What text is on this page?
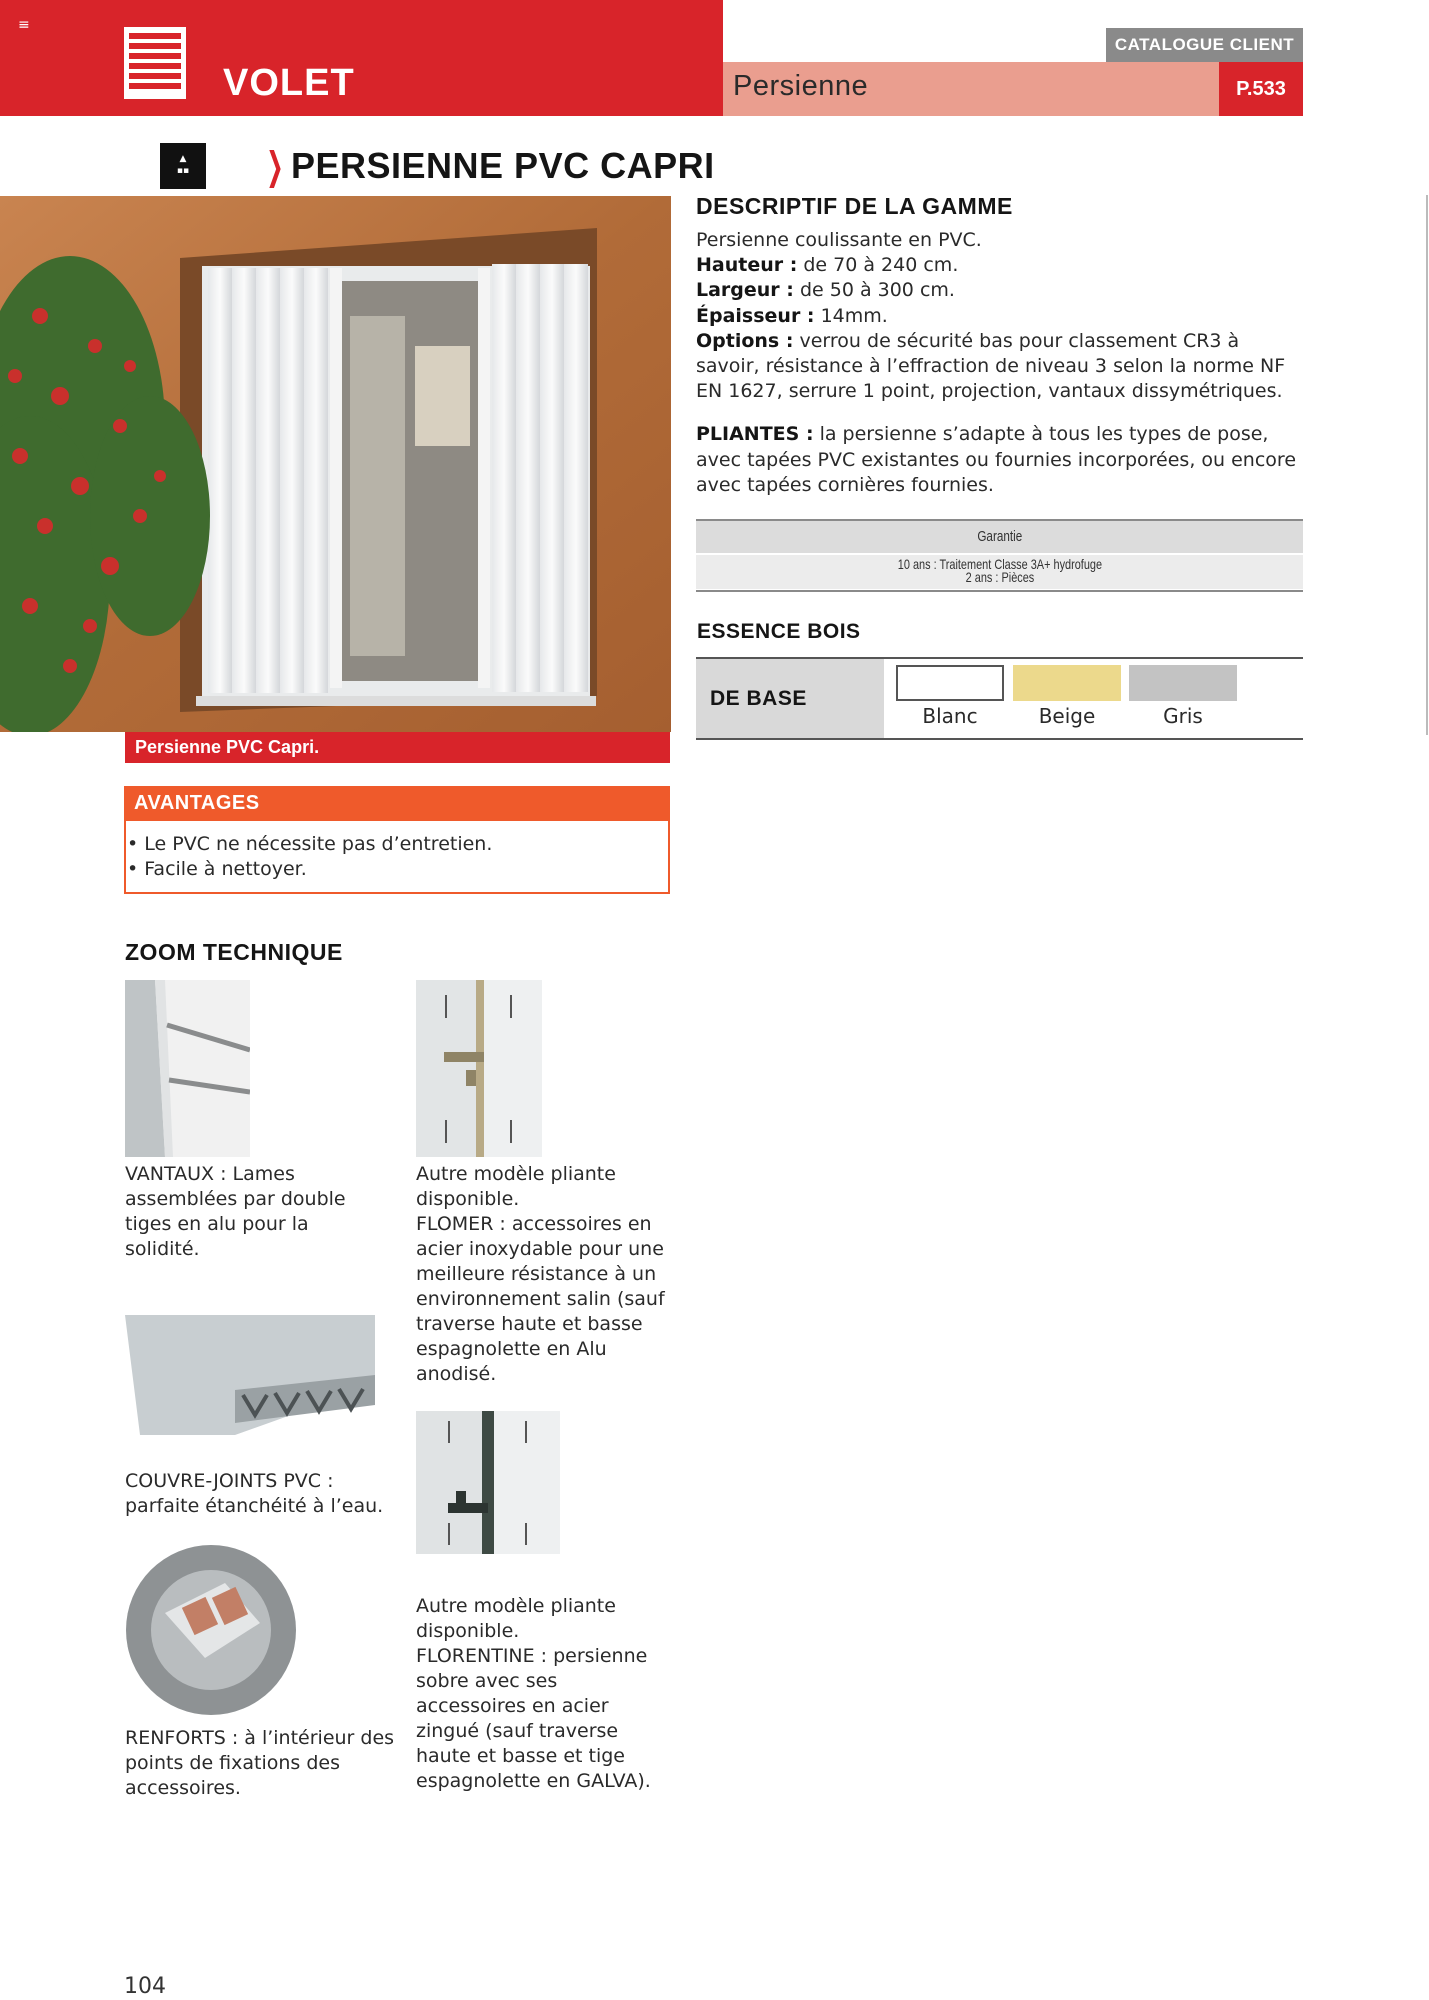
≡
VOLET
CATALOGUE CLIENT
Persienne	P.533
▲
▪▪	❯ PERSIENNE PVC CAPRI
Persienne PVC Capri.
AVANTAGES
• Le PVC ne nécessite pas d’entretien.
• Facile à nettoyer.
ZOOM TECHNIQUE
VANTAUX : Lames assemblées par double tiges en alu pour la solidité.
COUVRE-JOINTS PVC : parfaite étanchéité à l’eau.
RENFORTS : à l’intérieur des points de fixations des accessoires.
Autre modèle pliante disponible.
FLOMER : accessoires en acier inoxydable pour une meilleure résistance à un environnement salin (sauf traverse haute et basse espagnolette en Alu anodisé.
Autre modèle pliante disponible.
FLORENTINE : persienne sobre avec ses accessoires en acier zingué (sauf traverse haute et basse et tige espagnolette en GALVA).
DESCRIPTIF DE LA GAMME

Persienne coulissante en PVC.

Hauteur : de 70 à 240 cm.

Largeur : de 50 à 300 cm.

Épaisseur : 14mm.

Options : verrou de sécurité bas pour classement CR3 à savoir, résistance à l’effraction de niveau 3 selon la norme NF EN 1627, serrure 1 point, projection, vantaux dissymétriques.

PLIANTES : la persienne s’adapte à tous les types de pose, avec tapées PVC existantes ou fournies incorporées, ou encore avec tapées cornières fournies.

Garantie
10 ans : Traitement Classe 3A+ hydrofuge
2 ans : Pièces
ESSENCE BOIS
DE BASE
Blanc	Beige	Gris
104
